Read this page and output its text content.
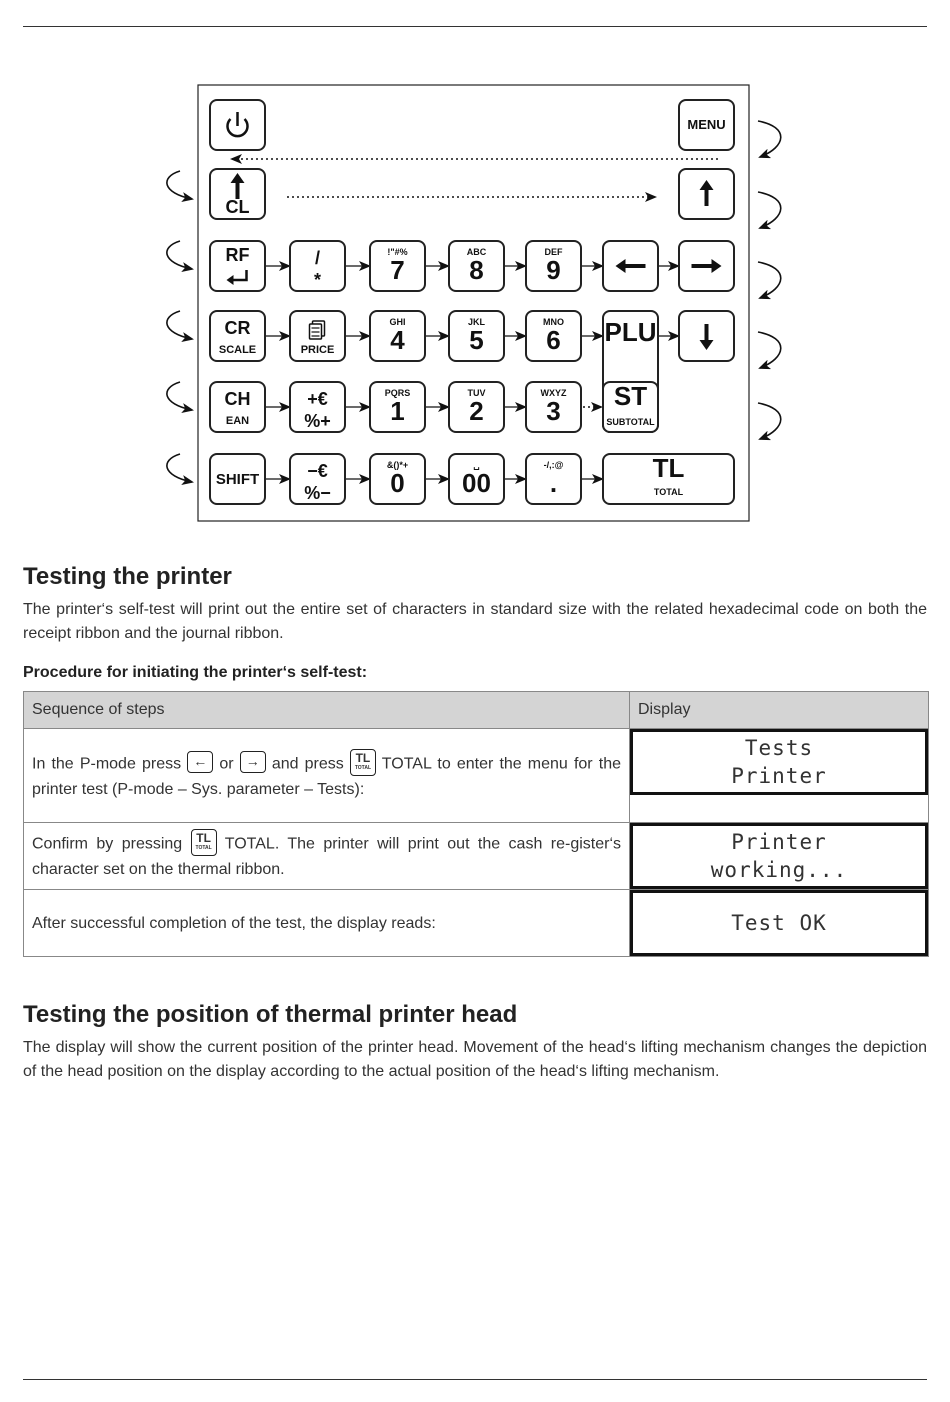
MENU
CL
RF	/
*
!"#%
7
ABC
8
DEF
9
CR
SCALE	PRICE
GHI
4
JKL
5
MNO
6 PLU
CH
EAN
+€
%+
PQRS
1
TUV
2
WXYZ
3 ST
SUBTOTAL
SHIFT	−€
%−
&()*+
0
␣
00
-/,:@
.	TL
TOTAL
Testing the printer

The printer‘s self-test will print out the entire set of characters in standard size with the related hexadecimal code on both the receipt ribbon and the journal ribbon.

Procedure for initiating the printer‘s self-test:

Sequence of steps	Display
In the P-mode press ← or → and press TL
TOTAL TOTAL to enter the menu for the printer test (P-mode – Sys. parameter – Tests):	Tests
Printer

Confirm by pressing TL
TOTAL TOTAL. The printer will print out the cash re-gister‘s character set on the thermal ribbon.	Printer
working...

After successful completion of the test, the display reads:	Test OK
Testing the position of thermal printer head

The display will show the current position of the printer head. Movement of the head‘s lifting mechanism changes the depiction of the head position on the display according to the actual position of the head‘s lifting mechanism.
